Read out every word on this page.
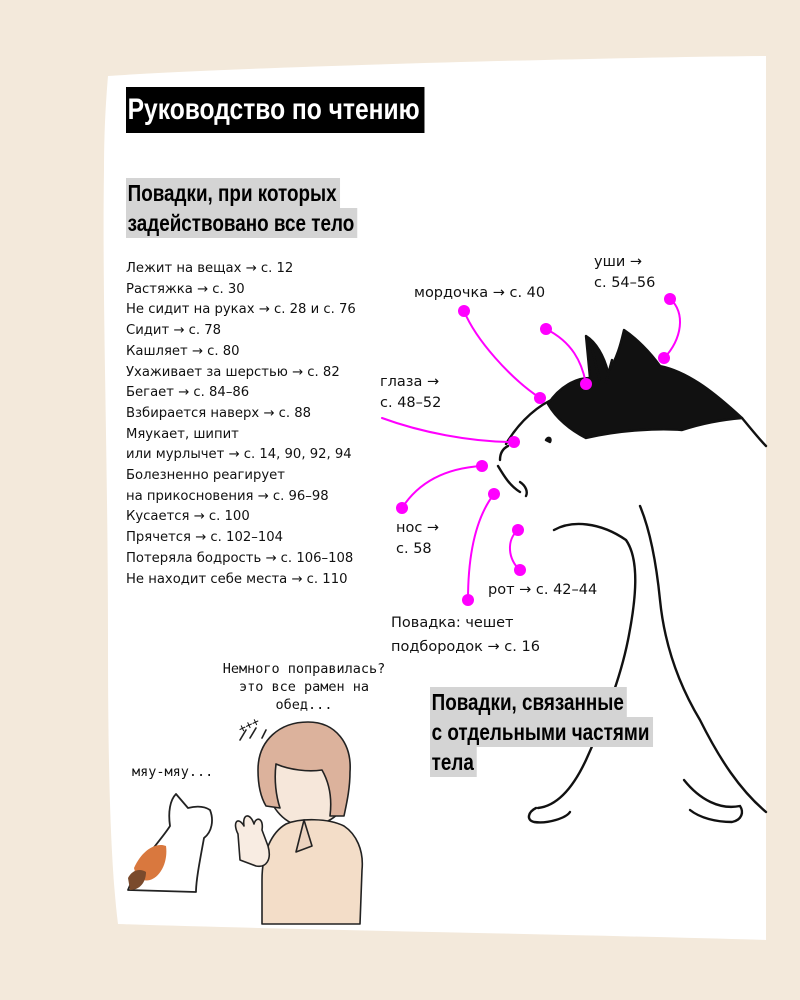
Руководство по чтению
Повадки, при которых
задействовано все тело
Лежит на вещах → с. 12
Растяжка → с. 30
Не сидит на руках → с. 28 и с. 76
Сидит → с. 78
Кашляет → с. 80
Ухаживает за шерстью → с. 82
Бегает → с. 84–86
Взбирается наверх → с. 88
Мяукает, шипит
или мурлычет → с. 14, 90, 92, 94
Болезненно реагирует
на прикосновения → с. 96–98
Кусается → с. 100
Прячется → с. 102–104
Потеряла бодрость → с. 106–108
Не находит себе места → с. 110
уши →
с. 54–56
мордочка → с. 40
глаза →
с. 48–52
нос →
с. 58
рот → с. 42–44
Повадка: чешет
подбородок → с. 16
Повадки, связанные
с отдельными частями
тела
Немного поправилась?
это все рамен на
обед...
мяу-мяу...
+++
